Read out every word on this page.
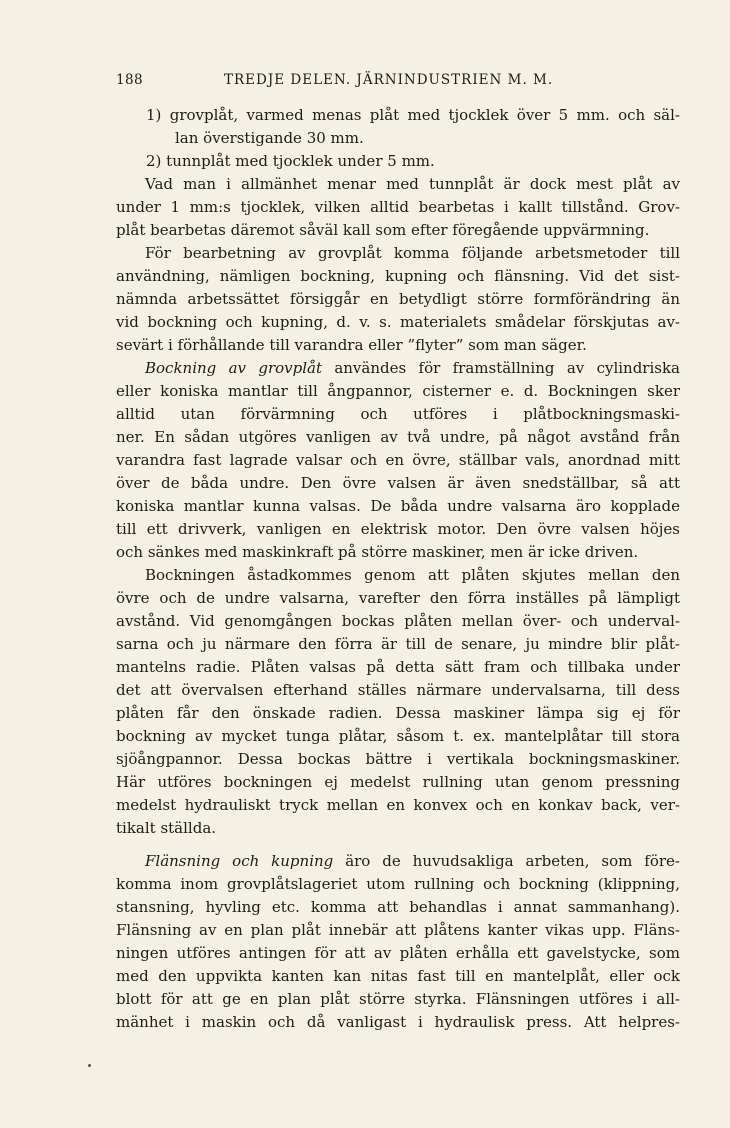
188	TREDJE DELEN. JÄRNINDUSTRIEN M. M.
1) grovplåt, varmed menas plåt med tjocklek över 5 mm. och säl-
lan överstigande 30 mm.
2) tunnplåt med tjocklek under 5 mm.
Vad man i allmänhet menar med tunnplåt är dock mest plåt av
under 1 mm:s tjocklek, vilken alltid bearbetas i kallt tillstånd. Grov-
plåt bearbetas däremot såväl kall som efter föregående uppvärmning.
För bearbetning av grovplåt komma följande arbetsmetoder till
användning, nämligen bockning, kupning och flänsning. Vid det sist-
nämnda arbetssättet försiggår en betydligt större formförändring än
vid bockning och kupning, d. v. s. materialets smådelar förskjutas av-
sevärt i förhållande till varandra eller ”flyter” som man säger.
Bockning av grovplåt användes för framställning av cylindriska
eller koniska mantlar till ångpannor, cisterner e. d. Bockningen sker
alltid utan förvärmning och utföres i plåtbockningsmaski-
ner. En sådan utgöres vanligen av två undre, på något avstånd från
varandra fast lagrade valsar och en övre, ställbar vals, anordnad mitt
över de båda undre. Den övre valsen är även snedställbar, så att
koniska mantlar kunna valsas. De båda undre valsarna äro kopplade
till ett drivverk, vanligen en elektrisk motor. Den övre valsen höjes
och sänkes med maskinkraft på större maskiner, men är icke driven.
Bockningen åstadkommes genom att plåten skjutes mellan den
övre och de undre valsarna, varefter den förra inställes på lämpligt
avstånd. Vid genomgången bockas plåten mellan över- och underval-
sarna och ju närmare den förra är till de senare, ju mindre blir plåt-
mantelns radie. Plåten valsas på detta sätt fram och tillbaka under
det att övervalsen efterhand ställes närmare undervalsarna, till dess
plåten får den önskade radien. Dessa maskiner lämpa sig ej för
bockning av mycket tunga plåtar, såsom t. ex. mantelplåtar till stora
sjöångpannor. Dessa bockas bättre i vertikala bockningsmaskiner.
Här utföres bockningen ej medelst rullning utan genom pressning
medelst hydrauliskt tryck mellan en konvex och en konkav back, ver-
tikalt ställda.
Flänsning och kupning äro de huvudsakliga arbeten, som före-
komma inom grovplåtslageriet utom rullning och bockning (klippning,
stansning, hyvling etc. komma att behandlas i annat sammanhang).
Flänsning av en plan plåt innebär att plåtens kanter vikas upp. Fläns-
ningen utföres antingen för att av plåten erhålla ett gavelstycke, som
med den uppvikta kanten kan nitas fast till en mantelplåt, eller ock
blott för att ge en plan plåt större styrka. Flänsningen utföres i all-
mänhet i maskin och då vanligast i hydraulisk press. Att helpres-
